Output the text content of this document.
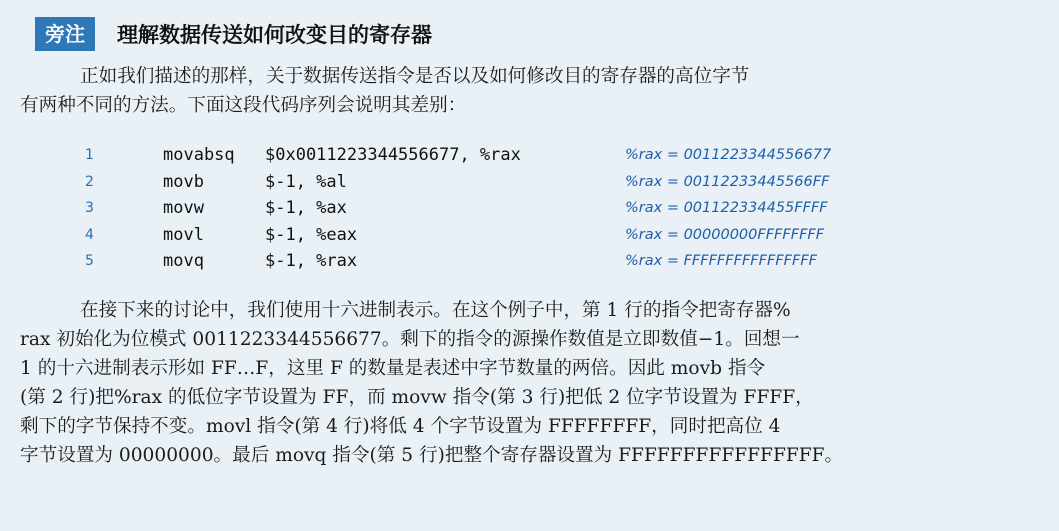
旁注	理解数据传送如何改变目的寄存器
正如我们描述的那样，关于数据传送指令是否以及如何修改目的寄存器的高位字节
有两种不同的方法。下面这段代码序列会说明其差别：
1	movabsq $0x0011223344556677, %rax	%rax = 0011223344556677
2	movb	$-1, %al	%rax = 00112233445566FF
3	movw	$-1, %ax	%rax = 001122334455FFFF
4	movl	$-1, %eax	%rax = 00000000FFFFFFFF
5	movq	$-1, %rax	%rax = FFFFFFFFFFFFFFFF
在接下来的讨论中，我们使用十六进制表示。在这个例子中，第 1 行的指令把寄存器%
rax 初始化为位模式 0011223344556677。剩下的指令的源操作数值是立即数值−1。回想一
1 的十六进制表示形如 FF…F，这里 F 的数量是表述中字节数量的两倍。因此 movb 指令
(第 2 行)把%rax 的低位字节设置为 FF，而 movw 指令(第 3 行)把低 2 位字节设置为 FFFF，
剩下的字节保持不变。movl 指令(第 4 行)将低 4 个字节设置为 FFFFFFFF，同时把高位 4
字节设置为 00000000。最后 movq 指令(第 5 行)把整个寄存器设置为 FFFFFFFFFFFFFFFF。
